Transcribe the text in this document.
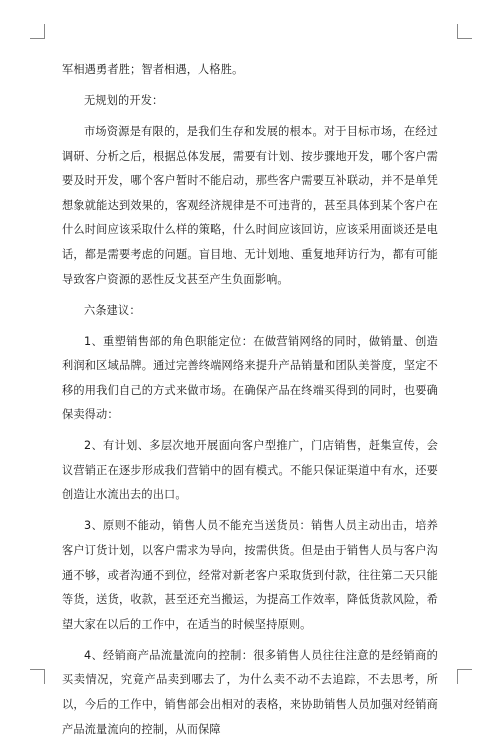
军相遇勇者胜；智者相遇，人格胜。

无规划的开发：

市场资源是有限的，是我们生存和发展的根本。对于目标市场，在经过调研、分析之后，根据总体发展，需要有计划、按步骤地开发，哪个客户需要及时开发，哪个客户暂时不能启动，那些客户需要互补联动，并不是单凭想象就能达到效果的，客观经济规律是不可违背的，甚至具体到某个客户在什么时间应该采取什么样的策略，什么时间应该回访，应该采用面谈还是电话，都是需要考虑的问题。盲目地、无计划地、重复地拜访行为，都有可能导致客户资源的恶性反戈甚至产生负面影响。

六条建议：

1、重塑销售部的角色职能定位：在做营销网络的同时，做销量、创造利润和区域品牌。通过完善终端网络来提升产品销量和团队美誉度，坚定不移的用我们自己的方式来做市场。在确保产品在终端买得到的同时，也要确保卖得动：

2、有计划、多层次地开展面向客户型推广，门店销售，赶集宣传，会议营销正在逐步形成我们营销中的固有模式。不能只保证渠道中有水，还要创造让水流出去的出口。

3、原则不能动，销售人员不能充当送货员：销售人员主动出击，培养客户订货计划，以客户需求为导向，按需供货。但是由于销售人员与客户沟通不够，或者沟通不到位，经常对新老客户采取货到付款，往往第二天只能等货，送货，收款，甚至还充当搬运，为提高工作效率，降低货款风险，希望大家在以后的工作中，在适当的时候坚持原则。

4、经销商产品流量流向的控制：很多销售人员往往注意的是经销商的买卖情况，究竟产品卖到哪去了，为什么卖不动不去追踪，不去思考，所以，今后的工作中，销售部会出相对的表格，来协助销售人员加强对经销商产品流量流向的控制，从而保障
